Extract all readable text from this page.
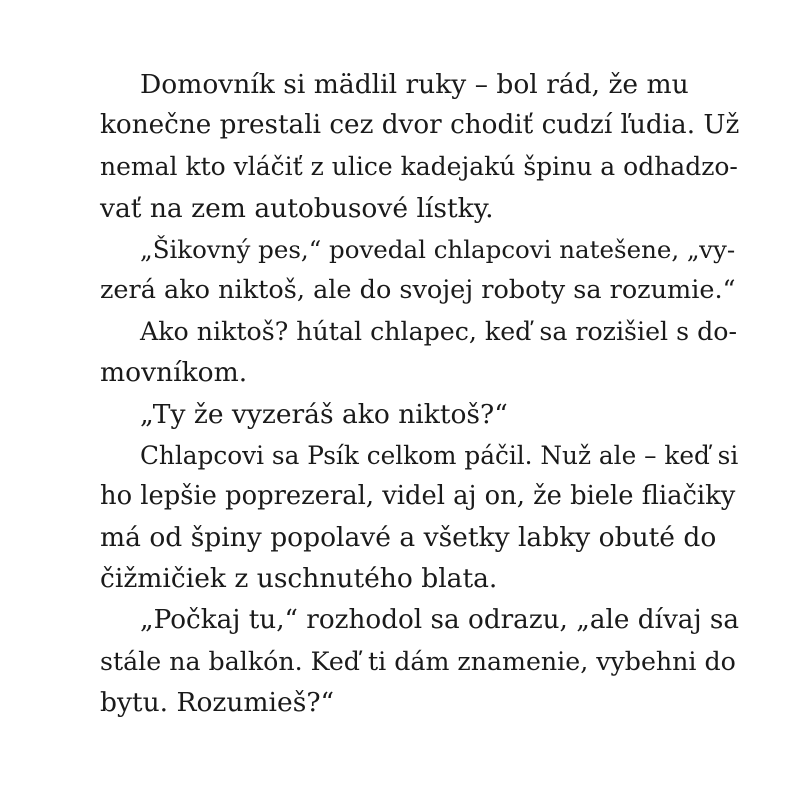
Domovník si mädlil ruky – bol rád, že mu
konečne prestali cez dvor chodiť cudzí ľudia. Už
nemal kto vláčiť z ulice kadejakú špinu a odhadzo-
vať na zem autobusové lístky.
„Šikovný pes,“ povedal chlapcovi natešene, „vy-
zerá ako niktoš, ale do svojej roboty sa rozumie.“
Ako niktoš? hútal chlapec, keď sa rozišiel s do-
movníkom.
„Ty že vyzeráš ako niktoš?“
Chlapcovi sa Psík celkom páčil. Nuž ale – keď si
ho lepšie poprezeral, videl aj on, že biele fliačiky
má od špiny popolavé a všetky labky obuté do
čižmičiek z uschnutého blata.
„Počkaj tu,“ rozhodol sa odrazu, „ale dívaj sa
stále na balkón. Keď ti dám znamenie, vybehni do
bytu. Rozumieš?“
